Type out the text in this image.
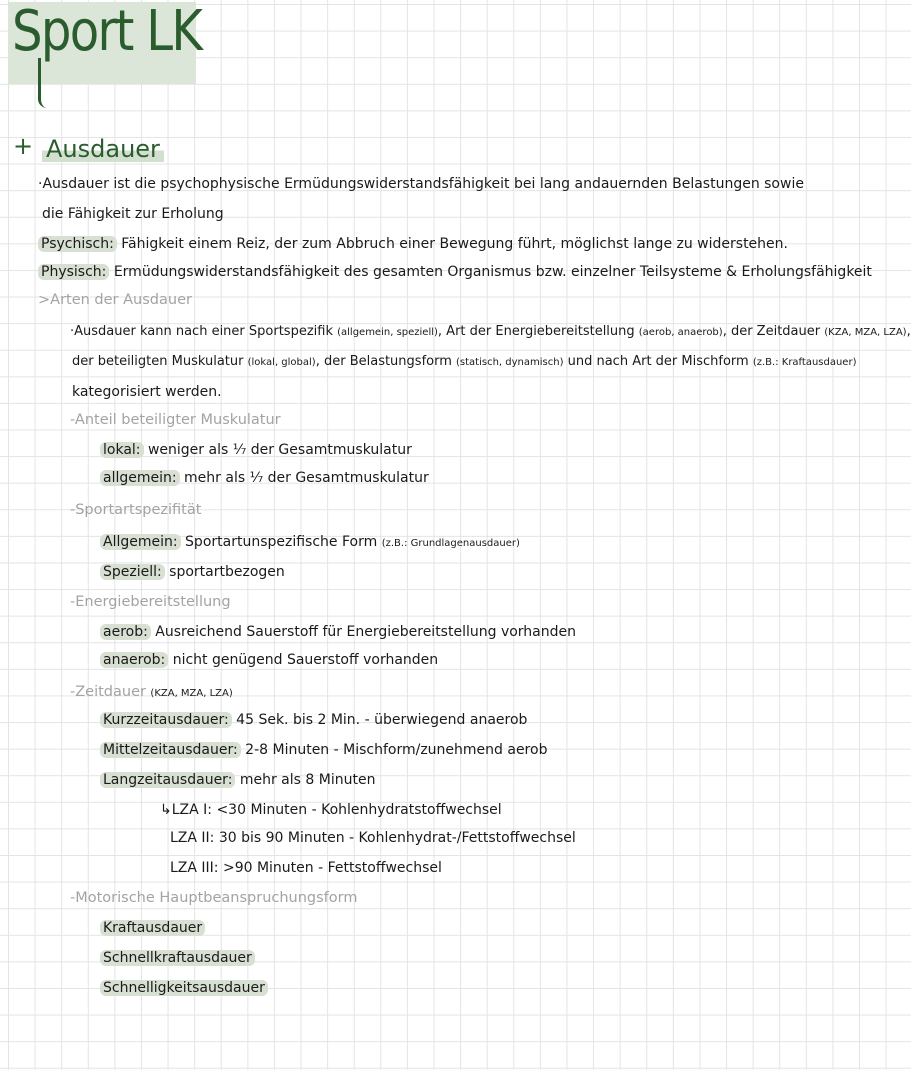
Sport LK
+ Ausdauer
·Ausdauer ist die psychophysische Ermüdungswiderstandsfähigkeit bei lang andauernden Belastungen sowie
die Fähigkeit zur Erholung
Psychisch: Fähigkeit einem Reiz, der zum Abbruch einer Bewegung führt, möglichst lange zu widerstehen.
Physisch: Ermüdungswiderstandsfähigkeit des gesamten Organismus bzw. einzelner Teilsysteme & Erholungsfähigkeit
>Arten der Ausdauer
·Ausdauer kann nach einer Sportspezifik (allgemein, speziell), Art der Energiebereitstellung (aerob, anaerob), der Zeitdauer (KZA, MZA, LZA),
der beteiligten Muskulatur (lokal, global), der Belastungsform (statisch, dynamisch) und nach Art der Mischform (z.B.: Kraftausdauer)
kategorisiert werden.
-Anteil beteiligter Muskulatur
lokal: weniger als ⅐ der Gesamtmuskulatur
allgemein: mehr als ⅐ der Gesamtmuskulatur
-Sportartspezifität
Allgemein: Sportartunspezifische Form (z.B.: Grundlagenausdauer)
Speziell: sportartbezogen
-Energiebereitstellung
aerob: Ausreichend Sauerstoff für Energiebereitstellung vorhanden
anaerob: nicht genügend Sauerstoff vorhanden
-Zeitdauer (KZA, MZA, LZA)
Kurzzeitausdauer: 45 Sek. bis 2 Min. - überwiegend anaerob
Mittelzeitausdauer: 2-8 Minuten - Mischform/zunehmend aerob
Langzeitausdauer: mehr als 8 Minuten
↳LZA I: <30 Minuten - Kohlenhydratstoffwechsel
LZA II: 30 bis 90 Minuten - Kohlenhydrat-/Fettstoffwechsel
LZA III: >90 Minuten - Fettstoffwechsel
-Motorische Hauptbeanspruchungsform
Kraftausdauer
Schnellkraftausdauer
Schnelligkeitsausdauer
